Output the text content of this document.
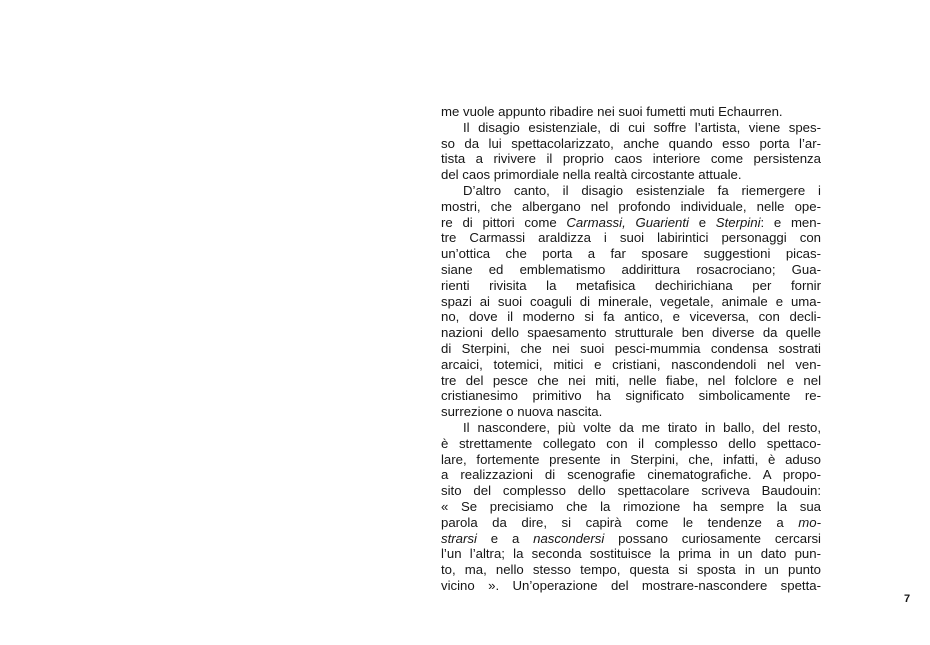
me vuole appunto ribadire nei suoi fumetti muti Echaurren.
Il disagio esistenziale, di cui soffre l’artista, viene spes-
so da lui spettacolarizzato, anche quando esso porta l’ar-
tista a rivivere il proprio caos interiore come persistenza
del caos primordiale nella realtà circostante attuale.
D’altro canto, il disagio esistenziale fa riemergere i
mostri, che albergano nel profondo individuale, nelle ope-
re di pittori come Carmassi, Guarienti e Sterpini: e men-
tre Carmassi araldizza i suoi labirintici personaggi con
un’ottica che porta a far sposare suggestioni picas-
siane ed emblematismo addirittura rosacrociano; Gua-
rienti rivisita la metafisica dechirichiana per fornir
spazi ai suoi coaguli di minerale, vegetale, animale e uma-
no, dove il moderno si fa antico, e viceversa, con decli-
nazioni dello spaesamento strutturale ben diverse da quelle
di Sterpini, che nei suoi pesci-mummia condensa sostrati
arcaici, totemici, mitici e cristiani, nascondendoli nel ven-
tre del pesce che nei miti, nelle fiabe, nel folclore e nel
cristianesimo primitivo ha significato simbolicamente re-
surrezione o nuova nascita.
Il nascondere, più volte da me tirato in ballo, del resto,
è strettamente collegato con il complesso dello spettaco-
lare, fortemente presente in Sterpini, che, infatti, è aduso
a realizzazioni di scenografie cinematografiche. A propo-
sito del complesso dello spettacolare scriveva Baudouin:
« Se precisiamo che la rimozione ha sempre la sua
parola da dire, si capirà come le tendenze a mo-
strarsi e a nascondersi possano curiosamente cercarsi
l’un l’altra; la seconda sostituisce la prima in un dato pun-
to, ma, nello stesso tempo, questa si sposta in un punto
vicino ». Un’operazione del mostrare-nascondere spetta-
7
